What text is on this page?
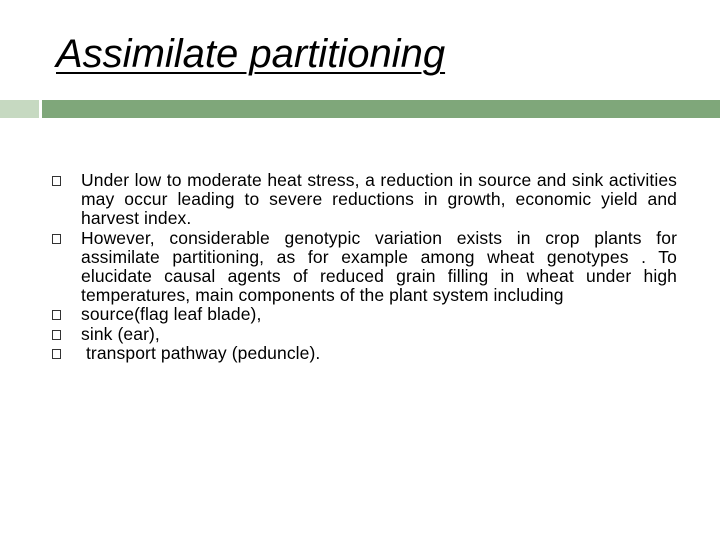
Assimilate partitioning
Under low to moderate heat stress, a reduction in source and sink activities may occur leading to severe reductions in growth, economic yield and harvest index.
However, considerable genotypic variation exists in crop plants for assimilate partitioning, as for example among wheat genotypes . To elucidate causal agents of reduced grain filling in wheat under high temperatures, main components of the plant system including
source(flag leaf blade),
sink (ear),
transport pathway (peduncle).
